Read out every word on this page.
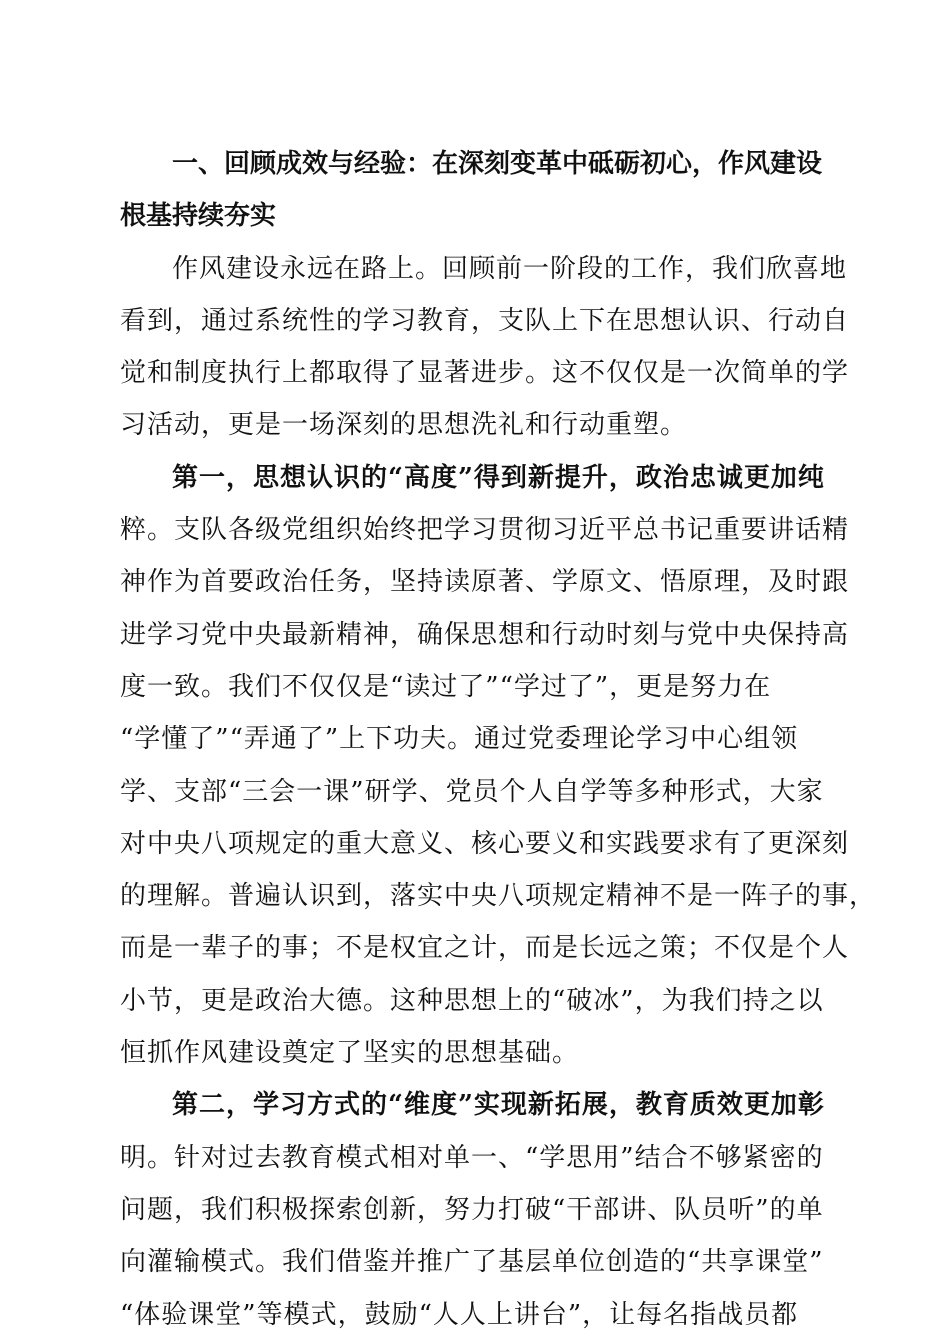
一、回顾成效与经验：在深刻变革中砥砺初心，作风建设
根基持续夯实
作风建设永远在路上。回顾前一阶段的工作，我们欣喜地
看到，通过系统性的学习教育，支队上下在思想认识、行动自
觉和制度执行上都取得了显著进步。这不仅仅是一次简单的学
习活动，更是一场深刻的思想洗礼和行动重塑。
第一，思想认识的“高度”得到新提升，政治忠诚更加纯
粹。支队各级党组织始终把学习贯彻习近平总书记重要讲话精
神作为首要政治任务，坚持读原著、学原文、悟原理，及时跟
进学习党中央最新精神，确保思想和行动时刻与党中央保持高
度一致。我们不仅仅是“读过了”“学过了”，更是努力在
“学懂了”“弄通了”上下功夫。通过党委理论学习中心组领
学、支部“三会一课”研学、党员个人自学等多种形式，大家
对中央八项规定的重大意义、核心要义和实践要求有了更深刻
的理解。普遍认识到，落实中央八项规定精神不是一阵子的事，
而是一辈子的事；不是权宜之计，而是长远之策；不仅是个人
小节，更是政治大德。这种思想上的“破冰”，为我们持之以
恒抓作风建设奠定了坚实的思想基础。
第二，学习方式的“维度”实现新拓展，教育质效更加彰
明。针对过去教育模式相对单一、“学思用”结合不够紧密的
问题，我们积极探索创新，努力打破“干部讲、队员听”的单
向灌输模式。我们借鉴并推广了基层单位创造的“共享课堂”
“体验课堂”等模式，鼓励“人人上讲台”，让每名指战员都
